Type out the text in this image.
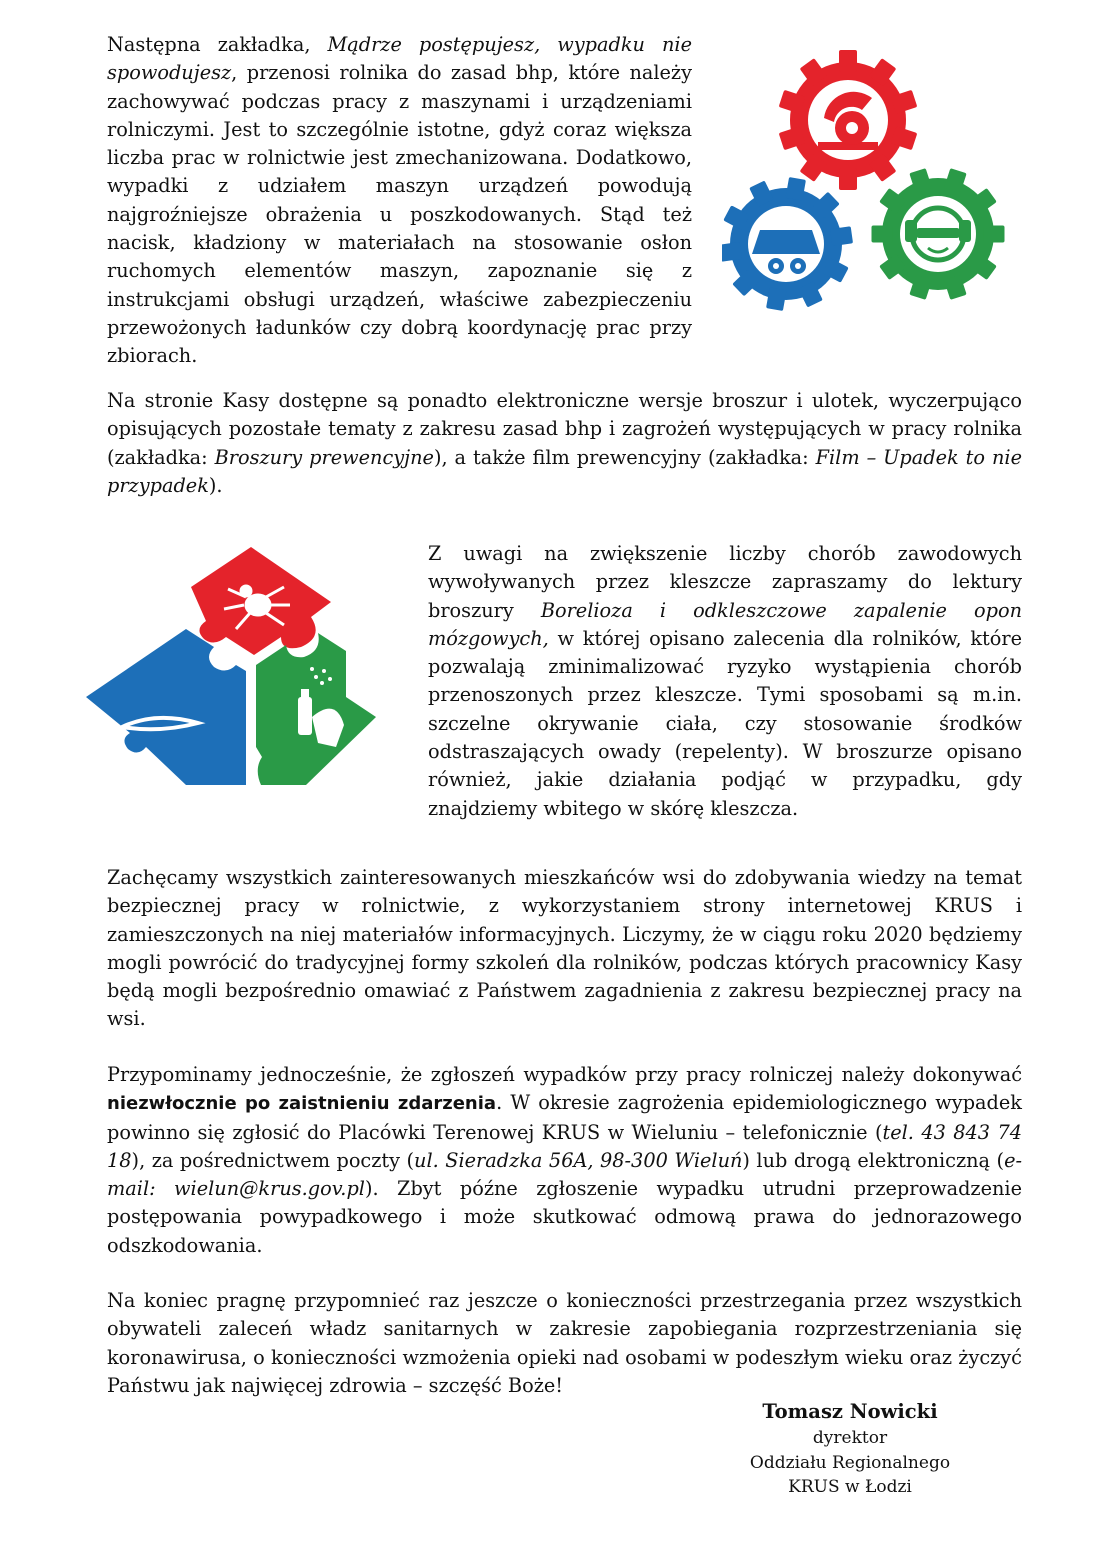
Następna zakładka, Mądrze postępujesz, wypadku nie spowodujesz, przenosi rolnika do zasad bhp, które należy zachowywać podczas pracy z maszynami i urządzeniami rolniczymi. Jest to szczególnie istotne, gdyż coraz większa liczba prac w rolnictwie jest zmechanizowana. Dodatkowo, wypadki z udziałem maszyn urządzeń powodują najgroźniejsze obrażenia u poszkodowanych. Stąd też nacisk, kładziony w materiałach na stosowanie osłon ruchomych elementów maszyn, zapoznanie się z instrukcjami obsługi urządzeń, właściwe zabezpieczeniu przewożonych ładunków czy dobrą koordynację prac przy zbiorach.

Na stronie Kasy dostępne są ponadto elektroniczne wersje broszur i ulotek, wyczerpująco opisujących pozostałe tematy z zakresu zasad bhp i zagrożeń występujących w pracy rolnika (zakładka: Broszury prewencyjne), a także film prewencyjny (zakładka: Film – Upadek to nie przypadek).

Z uwagi na zwiększenie liczby chorób zawodowych wywoływanych przez kleszcze zapraszamy do lektury broszury Borelioza i odkleszczowe zapalenie opon mózgowych, w której opisano zalecenia dla rolników, które pozwalają zminimalizować ryzyko wystąpienia chorób przenoszonych przez kleszcze. Tymi sposobami są m.in. szczelne okrywanie ciała, czy stosowanie środków odstraszających owady (repelenty). W broszurze opisano również, jakie działania podjąć w przypadku, gdy znajdziemy wbitego w skórę kleszcza.

Zachęcamy wszystkich zainteresowanych mieszkańców wsi do zdobywania wiedzy na temat bezpiecznej pracy w rolnictwie, z wykorzystaniem strony internetowej KRUS i zamieszczonych na niej materiałów informacyjnych. Liczymy, że w ciągu roku 2020 będziemy mogli powrócić do tradycyjnej formy szkoleń dla rolników, podczas których pracownicy Kasy będą mogli bezpośrednio omawiać z Państwem zagadnienia z zakresu bezpiecznej pracy na wsi.

Przypominamy jednocześnie, że zgłoszeń wypadków przy pracy rolniczej należy dokonywać niezwłocznie po zaistnieniu zdarzenia. W okresie zagrożenia epidemiologicznego wypadek powinno się zgłosić do Placówki Terenowej KRUS w Wieluniu – telefonicznie (tel. 43 843 74 18), za pośrednictwem poczty (ul. Sieradzka 56A, 98-300 Wieluń) lub drogą elektroniczną (e-mail: wielun@krus.gov.pl). Zbyt późne zgłoszenie wypadku utrudni przeprowadzenie postępowania powypadkowego i może skutkować odmową prawa do jednorazowego odszkodowania.

Na koniec pragnę przypomnieć raz jeszcze o konieczności przestrzegania przez wszystkich obywateli zaleceń władz sanitarnych w zakresie zapobiegania rozprzestrzeniania się koronawirusa, o konieczności wzmożenia opieki nad osobami w podeszłym wieku oraz życzyć Państwu jak najwięcej zdrowia – szczęść Boże!

Tomasz Nowicki
dyrektor
Oddziału Regionalnego
KRUS w Łodzi
